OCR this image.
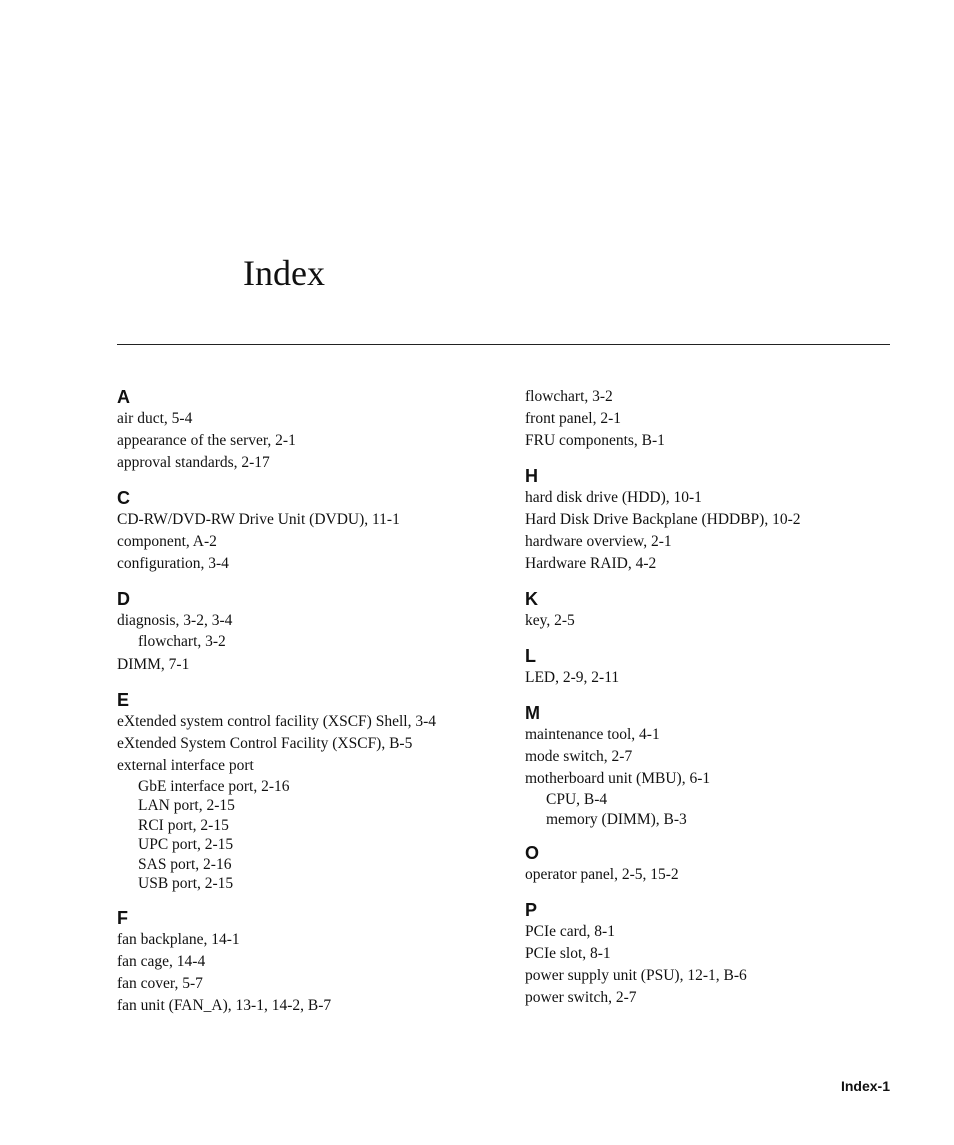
Index
A
air duct, 5-4
appearance of the server, 2-1
approval standards, 2-17
C
CD-RW/DVD-RW Drive Unit (DVDU), 11-1
component, A-2
configuration, 3-4
D
diagnosis, 3-2, 3-4
flowchart, 3-2
DIMM, 7-1
E
eXtended system control facility (XSCF) Shell, 3-4
eXtended System Control Facility (XSCF), B-5
external interface port
GbE interface port, 2-16
LAN port, 2-15
RCI port, 2-15
UPC port, 2-15
SAS port, 2-16
USB port, 2-15
F
fan backplane, 14-1
fan cage, 14-4
fan cover, 5-7
fan unit (FAN_A), 13-1, 14-2, B-7
flowchart, 3-2
front panel, 2-1
FRU components, B-1
H
hard disk drive (HDD), 10-1
Hard Disk Drive Backplane (HDDBP), 10-2
hardware overview, 2-1
Hardware RAID, 4-2
K
key, 2-5
L
LED, 2-9, 2-11
M
maintenance tool, 4-1
mode switch, 2-7
motherboard unit (MBU), 6-1
CPU, B-4
memory (DIMM), B-3
O
operator panel, 2-5, 15-2
P
PCIe card, 8-1
PCIe slot, 8-1
power supply unit (PSU), 12-1, B-6
power switch, 2-7
Index-1
